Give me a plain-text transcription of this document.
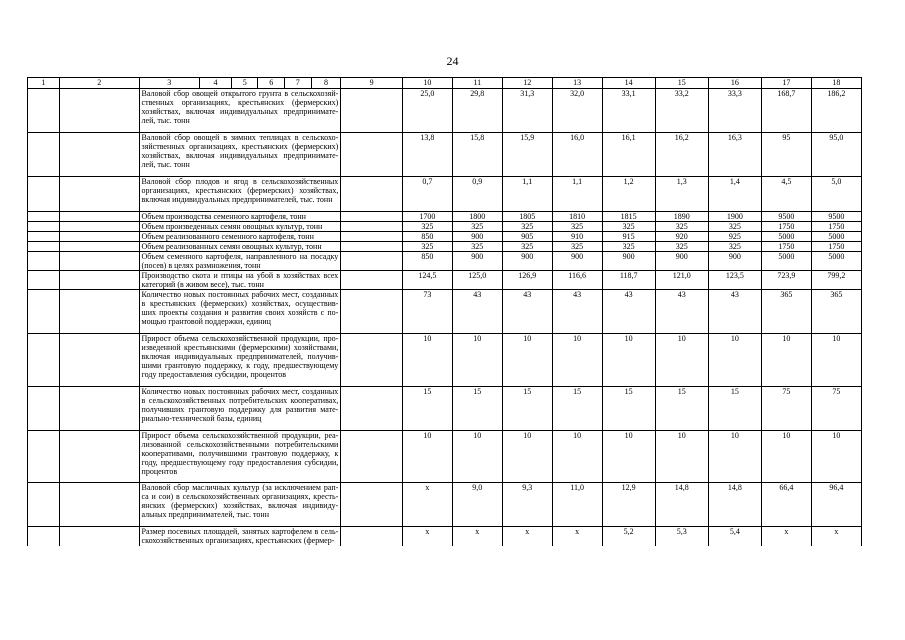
24
1	2	3	4	5	6	7	8	9	10	11	12	13	14	15	16	17	18
		Валовой сбор овощей открытого грунта в сельскохозяй-ственных организациях, крестьянских (фермерских) хозяйствах, включая индивидуальных предпринимате-лей, тыс. тонн							25,0	29,8	31,3	32,0	33,1	33,2	33,3	168,7	186,2
		Валовой сбор овощей в зимних теплицах в сельскохо-зяйственных организациях, крестьянских (фермерских) хозяйствах, включая индивидуальных предпринимате-лей, тыс. тонн							13,8	15,8	15,9	16,0	16,1	16,2	16,3	95	95,0
		Валовой сбор плодов и ягод в сельскохозяйственных организациях, крестьянских (фермерских) хозяйствах, включая индивидуальных предпринимателей, тыс. тонн							0,7	0,9	1,1	1,1	1,2	1,3	1,4	4,5	5,0
		Объем производства семенного картофеля, тонн							1700	1800	1805	1810	1815	1890	1900	9500	9500
		Объем произведенных семян овощных культур, тонн							325	325	325	325	325	325	325	1750	1750
		Объем реализованного семенного картофеля, тонн							850	900	905	910	915	920	925	5000	5000
		Объем реализованных семян овощных культур, тонн							325	325	325	325	325	325	325	1750	1750
		Объем семенного картофеля, направленного на посадку (посев) в целях размножения, тонн							850	900	900	900	900	900	900	5000	5000
		Производство скота и птицы на убой в хозяйствах всех категорий (в живом весе), тыс. тонн							124,5	125,0	126,9	116,6	118,7	121,0	123,5	723,9	799,2
		Количество новых постоянных рабочих мест, созданных в крестьянских (фермерских) хозяйствах, осуществив-ших проекты создания и развития своих хозяйств с по-мощью грантовой поддержки, единиц							73	43	43	43	43	43	43	365	365
		Прирост объема сельскохозяйственной продукции, про-изведенной крестьянскими (фермерскими) хозяйствами, включая индивидуальных предпринимателей, получив-шими грантовую поддержку, к году, предшествующему году предоставления субсидии, процентов							10	10	10	10	10	10	10	10	10
		Количество новых постоянных рабочих мест, созданных в сельскохозяйственных потребительских кооперативах, получивших грантовую поддержку для развития мате-риально-технической базы, единиц							15	15	15	15	15	15	15	75	75
		Прирост объема сельскохозяйственной продукции, реа-лизованной сельскохозяйственными потребительскими кооперативами, получившими грантовую поддержку, к году, предшествующему году предоставления субсидии, процентов							10	10	10	10	10	10	10	10	10
		Валовой сбор масличных культур (за исключением рап-са и сои) в сельскохозяйственных организациях, кресть-янских (фермерских) хозяйствах, включая индивиду-альных предпринимателей, тыс. тонн							x	9,0	9,3	11,0	12,9	14,8	14,8	66,4	96,4
		Размер посевных площадей, занятых картофелем в сель-скохозяйственных организациях, крестьянских (фермер-							x	x	x	x	5,2	5,3	5,4	x	x
